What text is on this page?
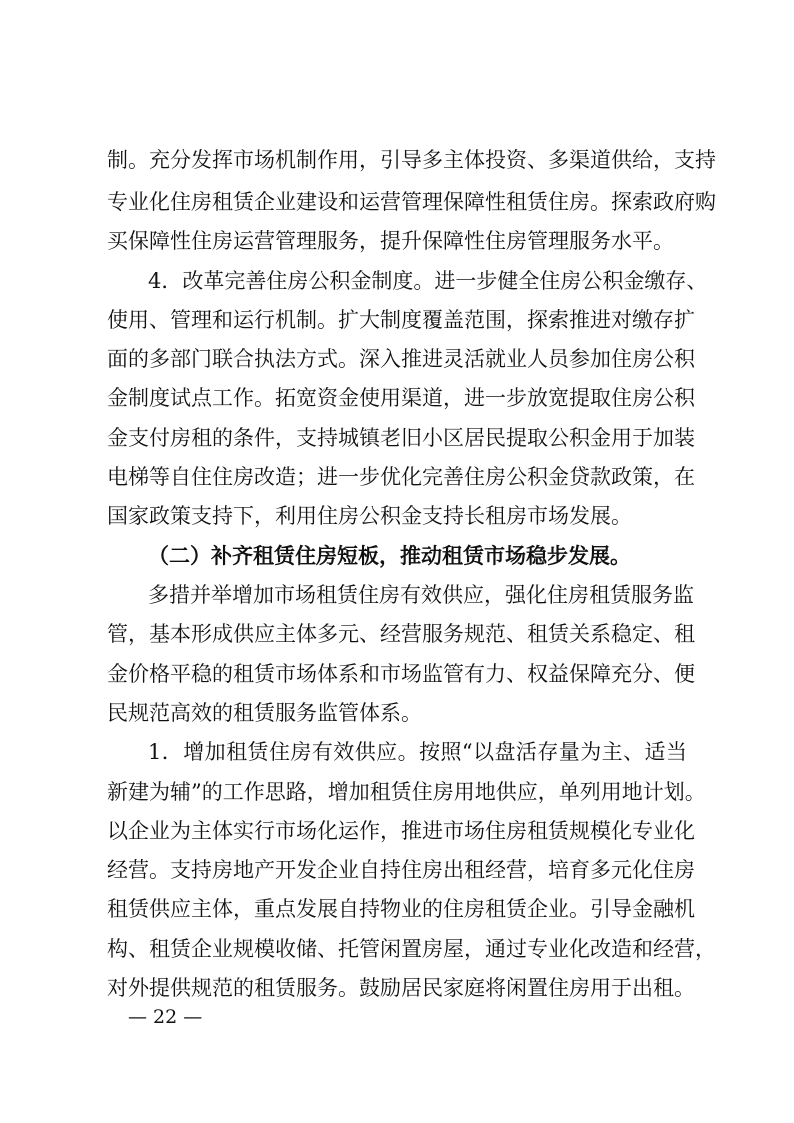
制。充分发挥市场机制作用，引导多主体投资、多渠道供给，支持
专业化住房租赁企业建设和运营管理保障性租赁住房。探索政府购
买保障性住房运营管理服务，提升保障性住房管理服务水平。
4．改革完善住房公积金制度。进一步健全住房公积金缴存、
使用、管理和运行机制。扩大制度覆盖范围，探索推进对缴存扩
面的多部门联合执法方式。深入推进灵活就业人员参加住房公积
金制度试点工作。拓宽资金使用渠道，进一步放宽提取住房公积
金支付房租的条件，支持城镇老旧小区居民提取公积金用于加装
电梯等自住住房改造；进一步优化完善住房公积金贷款政策，在
国家政策支持下，利用住房公积金支持长租房市场发展。
（二）补齐租赁住房短板，推动租赁市场稳步发展。
多措并举增加市场租赁住房有效供应，强化住房租赁服务监
管，基本形成供应主体多元、经营服务规范、租赁关系稳定、租
金价格平稳的租赁市场体系和市场监管有力、权益保障充分、便
民规范高效的租赁服务监管体系。
1．增加租赁住房有效供应。按照“以盘活存量为主、适当
新建为辅”的工作思路，增加租赁住房用地供应，单列用地计划。
以企业为主体实行市场化运作，推进市场住房租赁规模化专业化
经营。支持房地产开发企业自持住房出租经营，培育多元化住房
租赁供应主体，重点发展自持物业的住房租赁企业。引导金融机
构、租赁企业规模收储、托管闲置房屋，通过专业化改造和经营，
对外提供规范的租赁服务。鼓励居民家庭将闲置住房用于出租。
— 22 —
